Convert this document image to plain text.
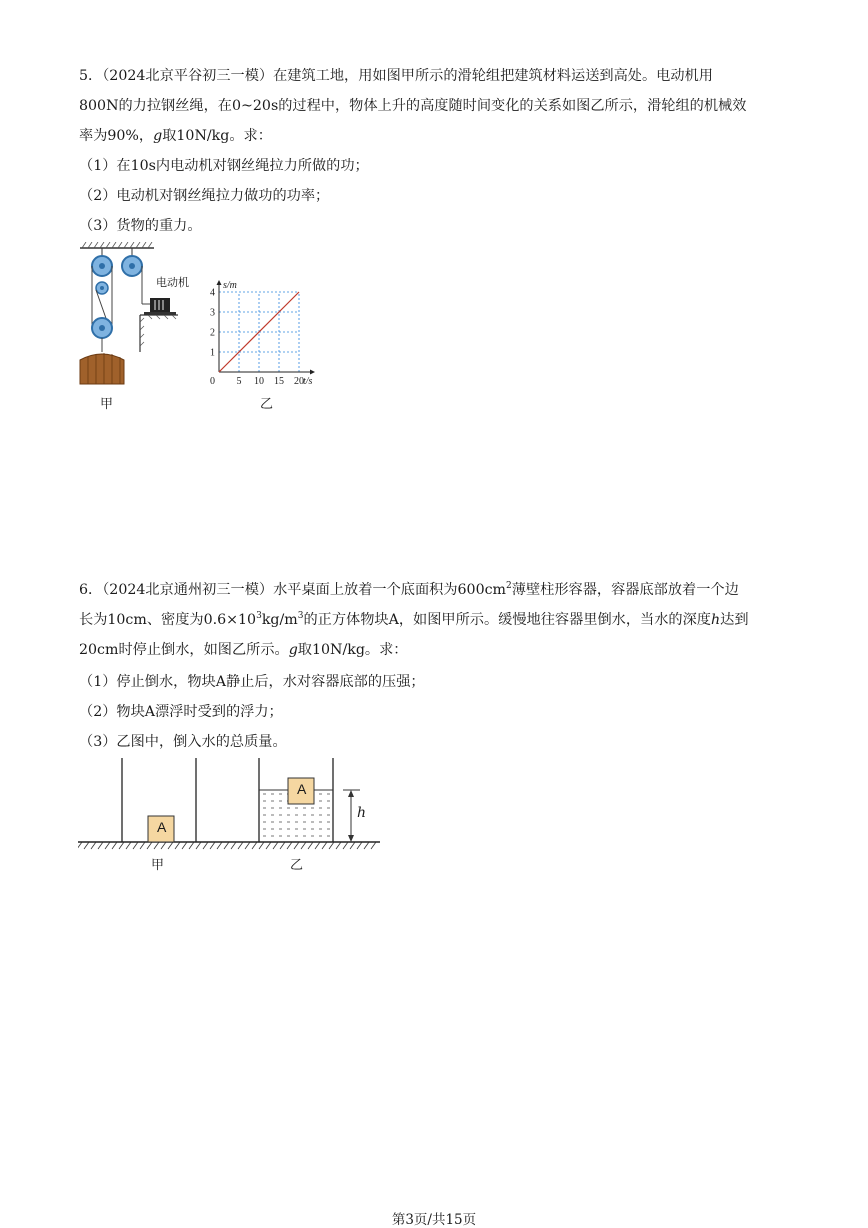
5．（2024北京平谷初三一模）在建筑工地，用如图甲所示的滑轮组把建筑材料运送到高处。电动机用
800N的力拉钢丝绳，在0~20s的过程中，物体上升的高度随时间变化的关系如图乙所示，滑轮组的机械效
率为90%，g取10N/kg。求：
（1）在10s内电动机对钢丝绳拉力所做的功；
（2）电动机对钢丝绳拉力做功的功率；
（3）货物的重力。
电动机
甲
5 10 15 20
1
2
3
4
0	t/s
s/m
乙
6．（2024北京通州初三一模）水平桌面上放着一个底面积为$600cm^2$薄壁柱形容器，容器底部放着一个边
长为10cm、密度为$0.6\times 10^3kg/m^3$的正方体物块A，如图甲所示。缓慢地往容器里倒水，当水的深度h达到
20cm时停止倒水，如图乙所示。g取10N/kg。求：
（1）停止倒水，物块A静止后，水对容器底部的压强；
（2）物块A漂浮时受到的浮力；
（3）乙图中，倒入水的总质量。
A
A
h
甲	乙
第3页/共15页
